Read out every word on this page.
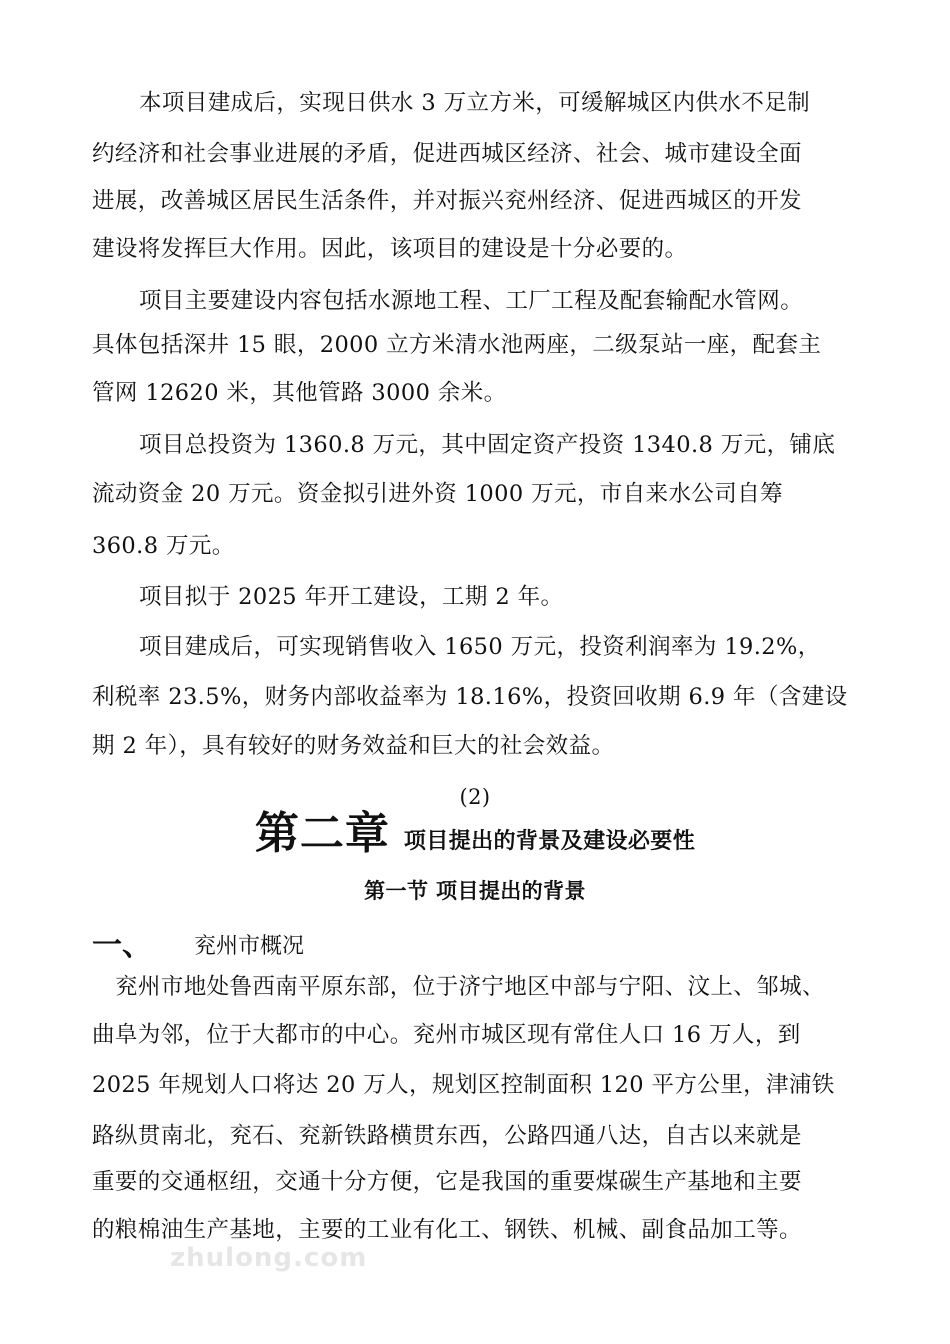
本项目建成后，实现日供水 3 万立方米，可缓解城区内供水不足制
约经济和社会事业进展的矛盾，促进西城区经济、社会、城市建设全面
进展，改善城区居民生活条件，并对振兴兖州经济、促进西城区的开发
建设将发挥巨大作用。因此，该项目的建设是十分必要的。
项目主要建设内容包括水源地工程、工厂工程及配套输配水管网。
具体包括深井 15 眼，2000 立方米清水池两座，二级泵站一座，配套主
管网 12620 米，其他管路 3000 余米。
项目总投资为 1360.8 万元，其中固定资产投资 1340.8 万元，铺底
流动资金 20 万元。资金拟引进外资 1000 万元，市自来水公司自筹
360.8 万元。
项目拟于 2025 年开工建设，工期 2 年。
项目建成后，可实现销售收入 1650 万元，投资利润率为 19.2%，
利税率 23.5%，财务内部收益率为 18.16%，投资回收期 6.9 年（含建设
期 2 年），具有较好的财务效益和巨大的社会效益。
(2)
第二章 项目提出的背景及建设必要性
第一节 项目提出的背景
一、 兖州市概况
兖州市地处鲁西南平原东部，位于济宁地区中部与宁阳、汶上、邹城、
曲阜为邻，位于大都市的中心。兖州市城区现有常住人口 16 万人，到
2025 年规划人口将达 20 万人，规划区控制面积 120 平方公里，津浦铁
路纵贯南北，兖石、兖新铁路横贯东西，公路四通八达，自古以来就是
重要的交通枢纽，交通十分方便，它是我国的重要煤碳生产基地和主要
的粮棉油生产基地，主要的工业有化工、钢铁、机械、副食品加工等。
zhulong.com
